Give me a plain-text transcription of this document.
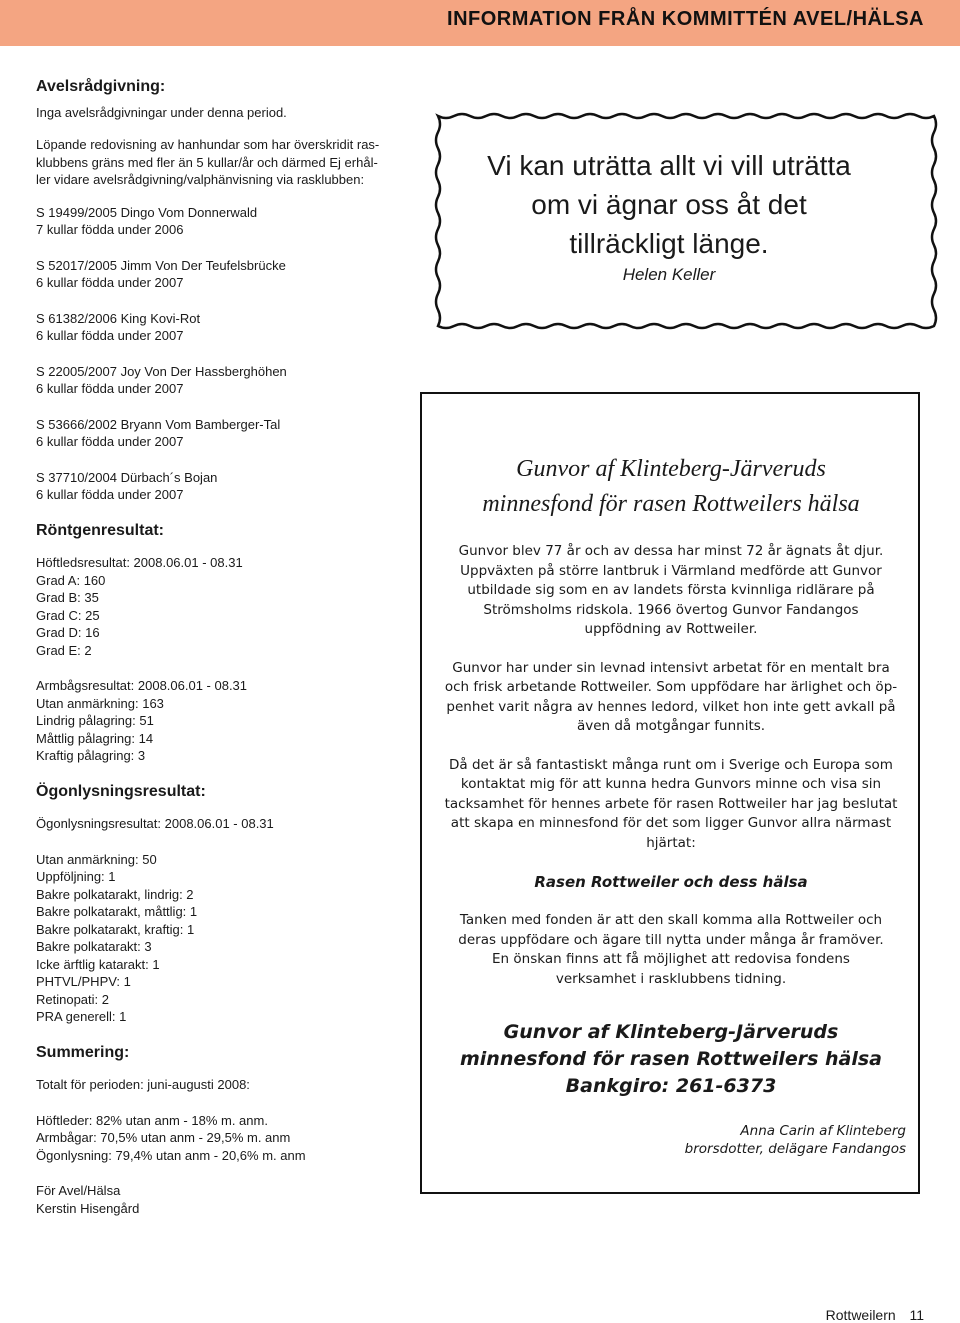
INFORMATION FRÅN KOMMITTÉN AVEL/HÄLSA

Avelsrådgivning:

Inga avelsrådgivningar under denna period.

Löpande redovisning av hanhundar som har överskridit ras-

klubbens gräns med fler än 5 kullar/år och därmed Ej erhål-

ler vidare avelsrådgivning/valphänvisning via rasklubben:

S 19499/2005 Dingo Vom Donnerwald

7 kullar födda under 2006

S 52017/2005 Jimm Von Der Teufelsbrücke

6 kullar födda under 2007

S 61382/2006 King Kovi-Rot

6 kullar födda under 2007

S 22005/2007 Joy Von Der Hassberghöhen

6 kullar födda under 2007

S 53666/2002 Bryann Vom Bamberger-Tal

6 kullar födda under 2007

S 37710/2004 Dürbach´s Bojan

6 kullar födda under 2007

Röntgenresultat:

Höftledsresultat: 2008.06.01 - 08.31

Grad A: 160

Grad B: 35

Grad C: 25

Grad D: 16

Grad E: 2

Armbågsresultat: 2008.06.01 - 08.31

Utan anmärkning: 163

Lindrig pålagring: 51

Måttlig pålagring: 14

Kraftig pålagring: 3

Ögonlysningsresultat:

Ögonlysningsresultat: 2008.06.01 - 08.31

Utan anmärkning: 50

Uppföljning: 1

Bakre polkatarakt, lindrig: 2

Bakre polkatarakt, måttlig: 1

Bakre polkatarakt, kraftig: 1

Bakre polkatarakt: 3

Icke ärftlig katarakt: 1

PHTVL/PHPV: 1

Retinopati: 2

PRA generell: 1

Summering:

Totalt för perioden: juni-augusti 2008:

Höftleder: 82% utan anm - 18% m. anm.

Armbågar: 70,5% utan anm - 29,5% m. anm

Ögonlysning: 79,4% utan anm - 20,6% m. anm

För Avel/Hälsa

Kerstin Hisengård

Vi kan uträtta allt vi vill uträtta
om vi ägnar oss åt det
tillräckligt länge.
Helen Keller
Gunvor af Klinteberg-Järveruds
minnesfond för rasen Rottweilers hälsa

Gunvor blev 77 år och av dessa har minst 72 år ägnats åt djur.

Uppväxten på större lantbruk i Värmland medförde att Gunvor

utbildade sig som en av landets första kvinnliga ridlärare på

Strömsholms ridskola. 1966 övertog Gunvor Fandangos

uppfödning av Rottweiler.

Gunvor har under sin levnad intensivt arbetat för en mentalt bra

och frisk arbetande Rottweiler. Som uppfödare har ärlighet och öp-

penhet varit några av hennes ledord, vilket hon inte gett avkall på

även då motgångar funnits.

Då det är så fantastiskt många runt om i Sverige och Europa som

kontaktat mig för att kunna hedra Gunvors minne och visa sin

tacksamhet för hennes arbete för rasen Rottweiler har jag beslutat

att skapa en minnesfond för det som ligger Gunvor allra närmast

hjärtat:

Rasen Rottweiler och dess hälsa

Tanken med fonden är att den skall komma alla Rottweiler och

deras uppfödare och ägare till nytta under många år framöver.

En önskan finns att få möjlighet att redovisa fondens

verksamhet i rasklubbens tidning.

Gunvor af Klinteberg-Järveruds

minnesfond för rasen Rottweilers hälsa

Bankgiro: 261-6373

Anna Carin af Klinteberg
brorsdotter, delägare Fandangos
Rottweilern 11
